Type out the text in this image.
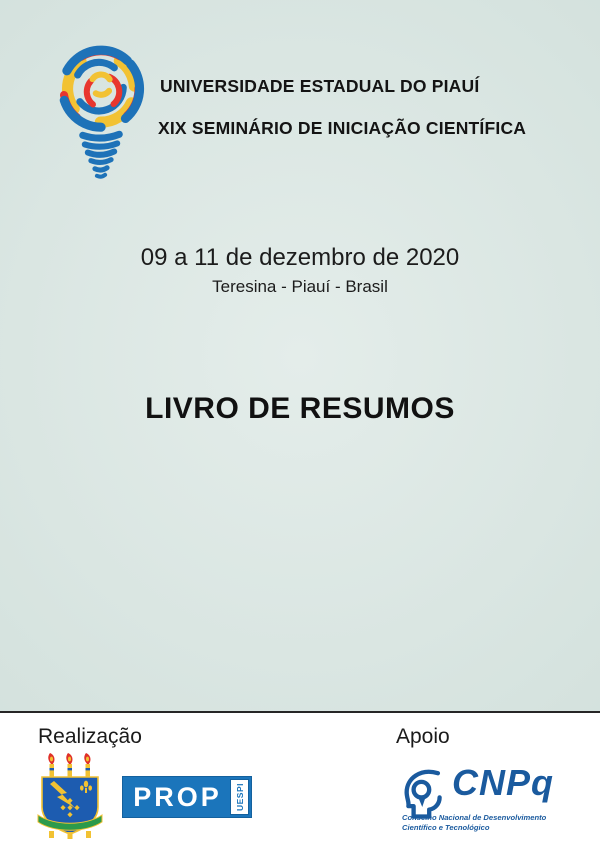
UNIVERSIDADE ESTADUAL DO PIAUÍ
XIX SEMINÁRIO DE INICIAÇÃO CIENTÍFICA
09 a 11 de dezembro de 2020
Teresina - Piauí - Brasil
LIVRO DE RESUMOS
Realização	Apoio
PROP	UESPI	CNPq
Conselho Nacional de Desenvolvimento
Científico e Tecnológico
